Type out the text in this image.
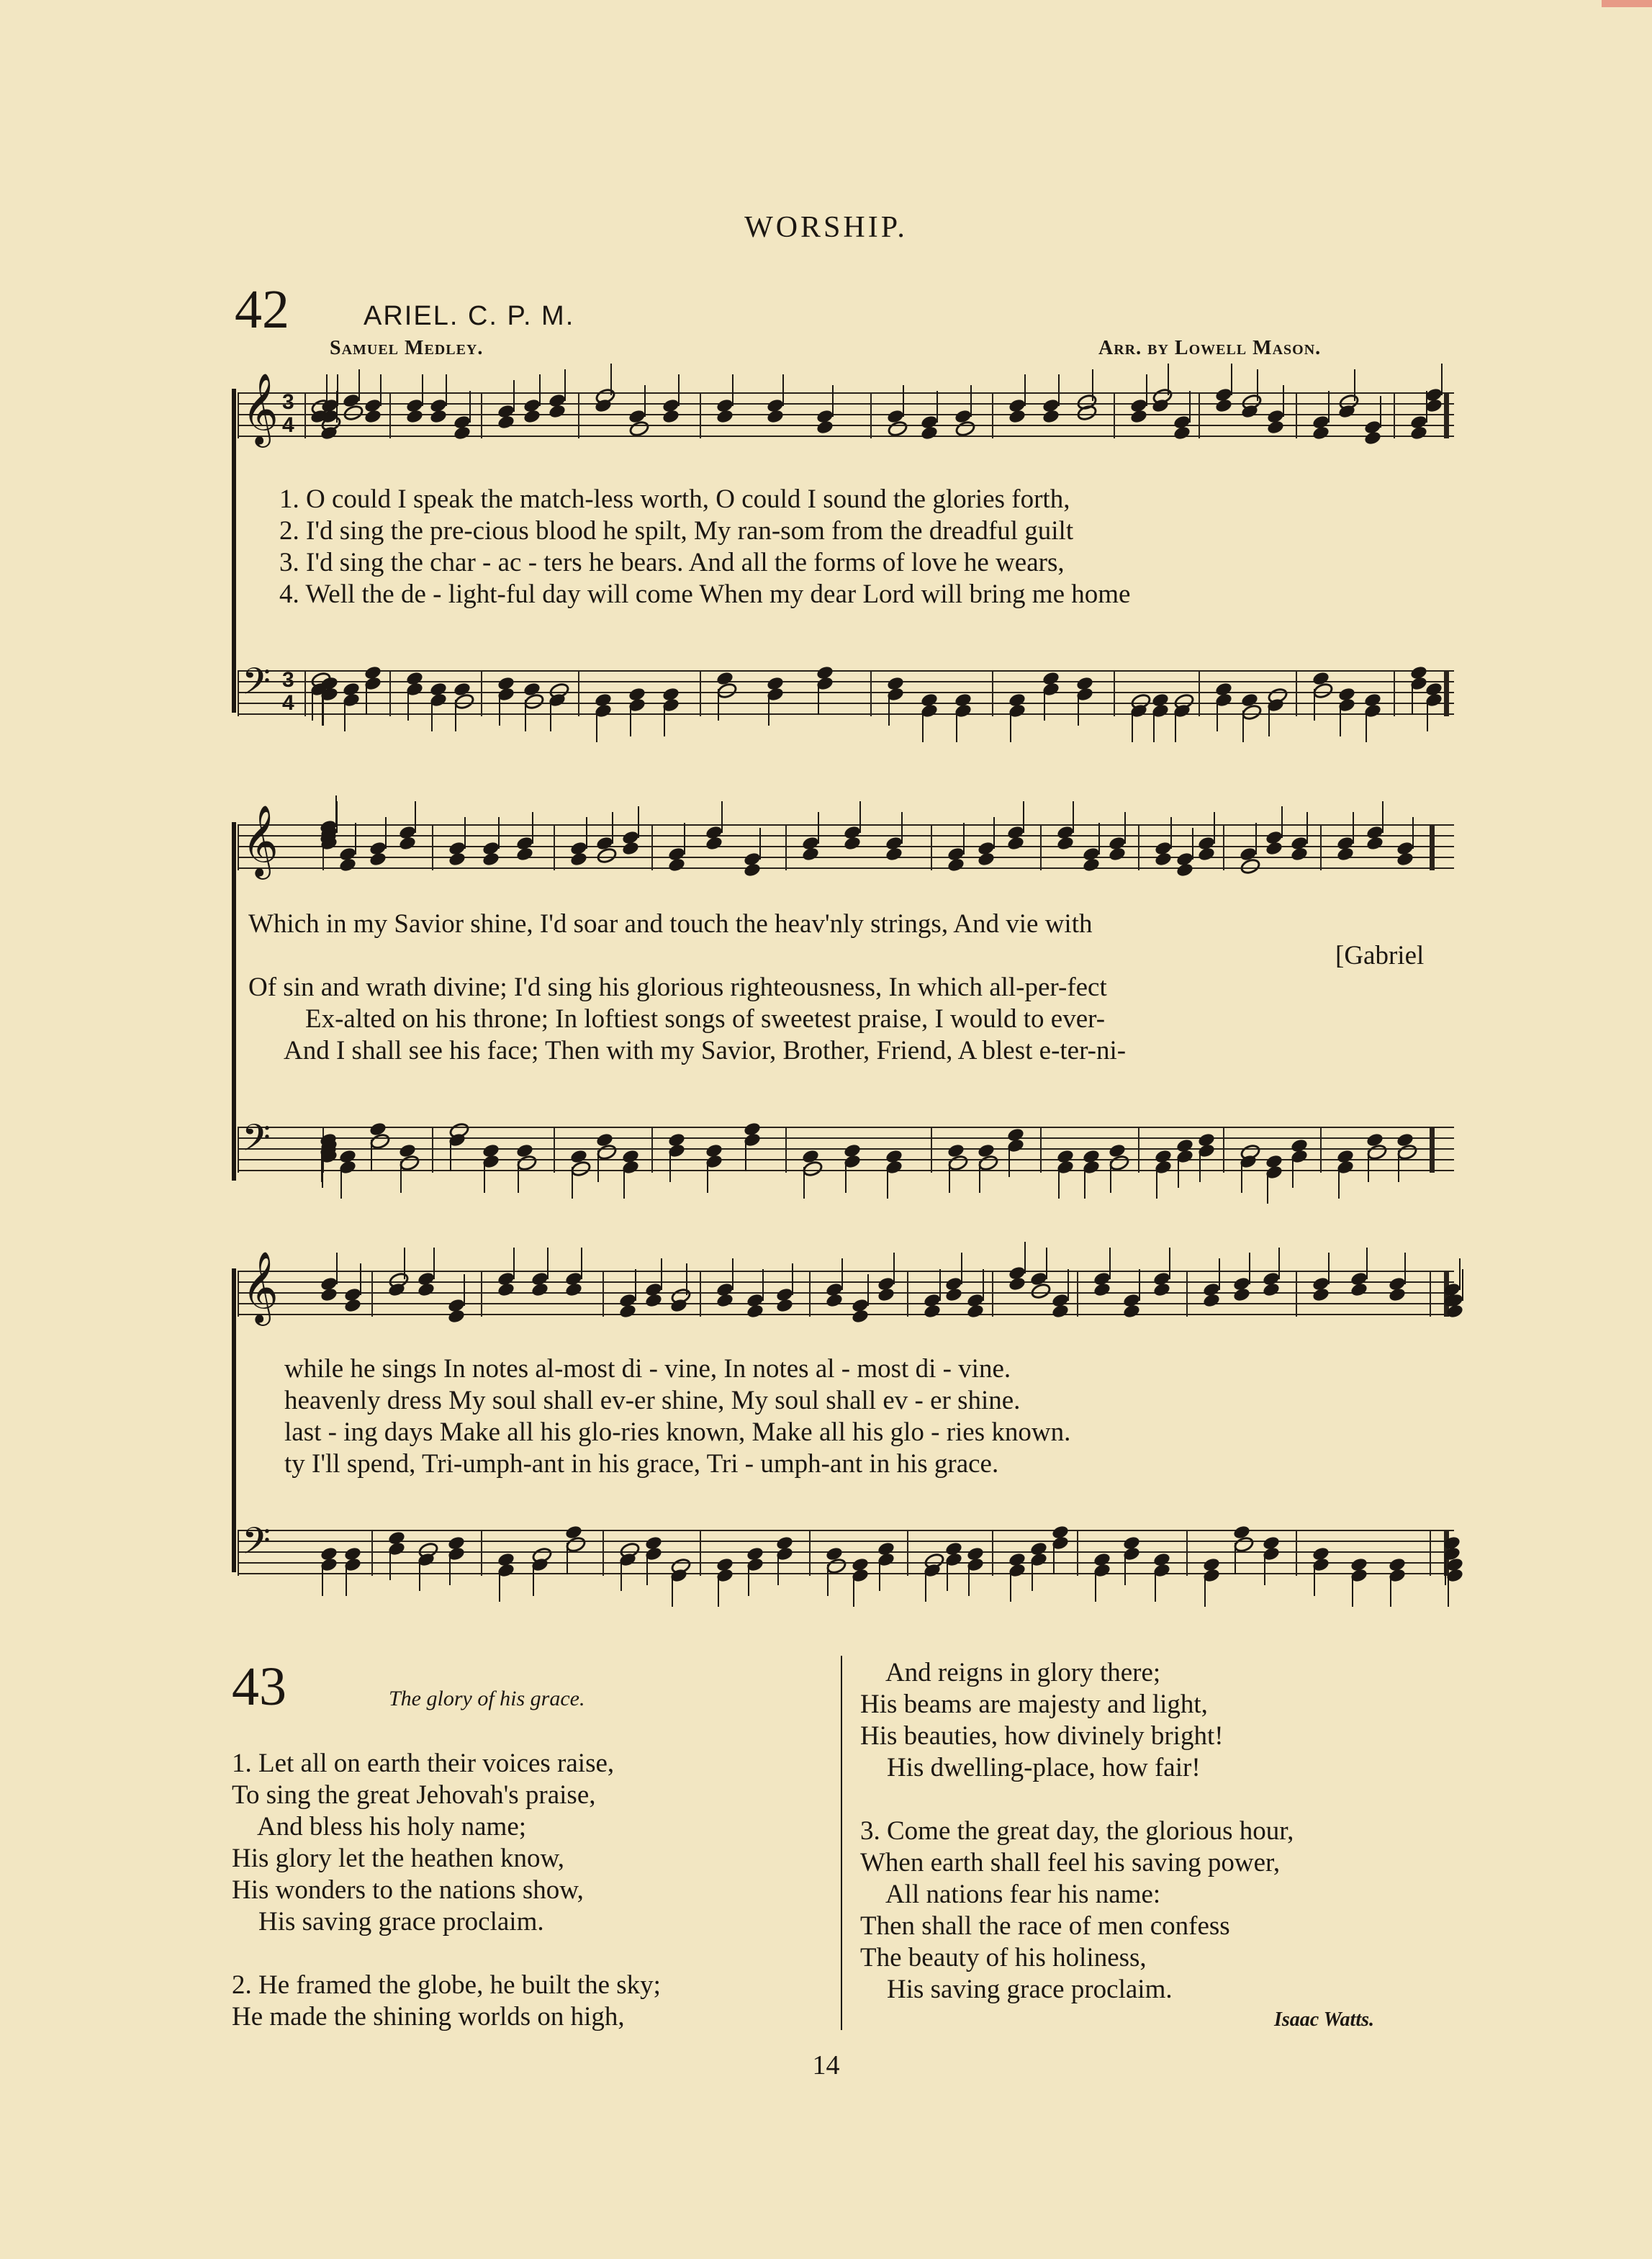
WORSHIP.
42	ARIEL. C. P. M.
Samuel Medley.	Arr. by Lowell Mason.
𝄞 3
4
𝄢 3
4
1. O could I speak the match-less worth, O could I sound the glories forth,
2. I'd sing the pre-cious blood he spilt, My ran-som from the dreadful guilt
3. I'd sing the char - ac - ters he bears. And all the forms of love he wears,
4. Well the de - light-ful day will come When my dear Lord will bring me home
𝄞
𝄢
Which in my Savior shine, I'd soar and touch the heav'nly strings, And vie with
[Gabriel
Of sin and wrath divine; I'd sing his glorious righteousness, In which all-per-fect
Ex-alted on his throne; In loftiest songs of sweetest praise, I would to ever-
And I shall see his face; Then with my Savior, Brother, Friend, A blest e-ter-ni-
𝄞
𝄢
while he sings In notes al-most di - vine, In notes al - most di - vine.
heavenly dress My soul shall ev-er shine, My soul shall ev - er shine.
last - ing days Make all his glo-ries known, Make all his glo - ries known.
ty I'll spend, Tri-umph-ant in his grace, Tri - umph-ant in his grace.
43	The glory of his grace.
1. Let all on earth their voices raise,
To sing the great Jehovah's praise,
And bless his holy name;
His glory let the heathen know,
His wonders to the nations show,
His saving grace proclaim.
2. He framed the globe, he built the sky;
He made the shining worlds on high,
And reigns in glory there;
His beams are majesty and light,
His beauties, how divinely bright!
His dwelling-place, how fair!
3. Come the great day, the glorious hour,
When earth shall feel his saving power,
All nations fear his name:
Then shall the race of men confess
The beauty of his holiness,
His saving grace proclaim.
Isaac Watts.
14
